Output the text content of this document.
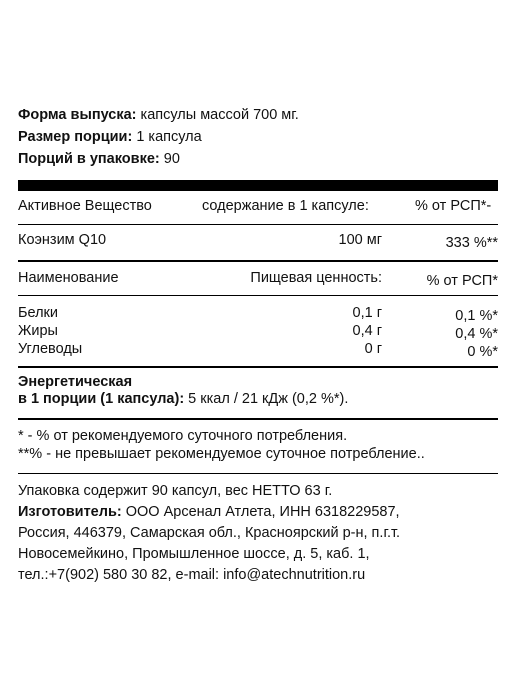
Форма выпуска: капсулы массой 700 мг.
Размер порции: 1 капсула
Порций в упаковке: 90
Активное Вещество	содержание в 1 капсуле:	% от РСП*-
Коэнзим Q10	100 мг	333 %**
Наименование	Пищевая ценность:	% от РСП*
Белки	0,1 г	0,1 %*
Жиры	0,4 г	0,4 %*
Углеводы	0 г	0 %*
Энергетическая
в 1 порции (1 капсула): 5 ккал / 21 кДж (0,2 %*).
* - % от рекомендуемого суточного потребления.
**% - не превышает рекомендуемое суточное потребление..
Упаковка содержит 90 капсул, вес НЕТТО 63 г.
Изготовитель: ООО Арсенал Атлета, ИНН 6318229587,
Россия, 446379, Самарская обл., Красноярский р-н, п.г.т.
Новосемейкино, Промышленное шоссе, д. 5, каб. 1,
тел.:+7(902) 580 30 82, e-mail: info@atechnutrition.ru
